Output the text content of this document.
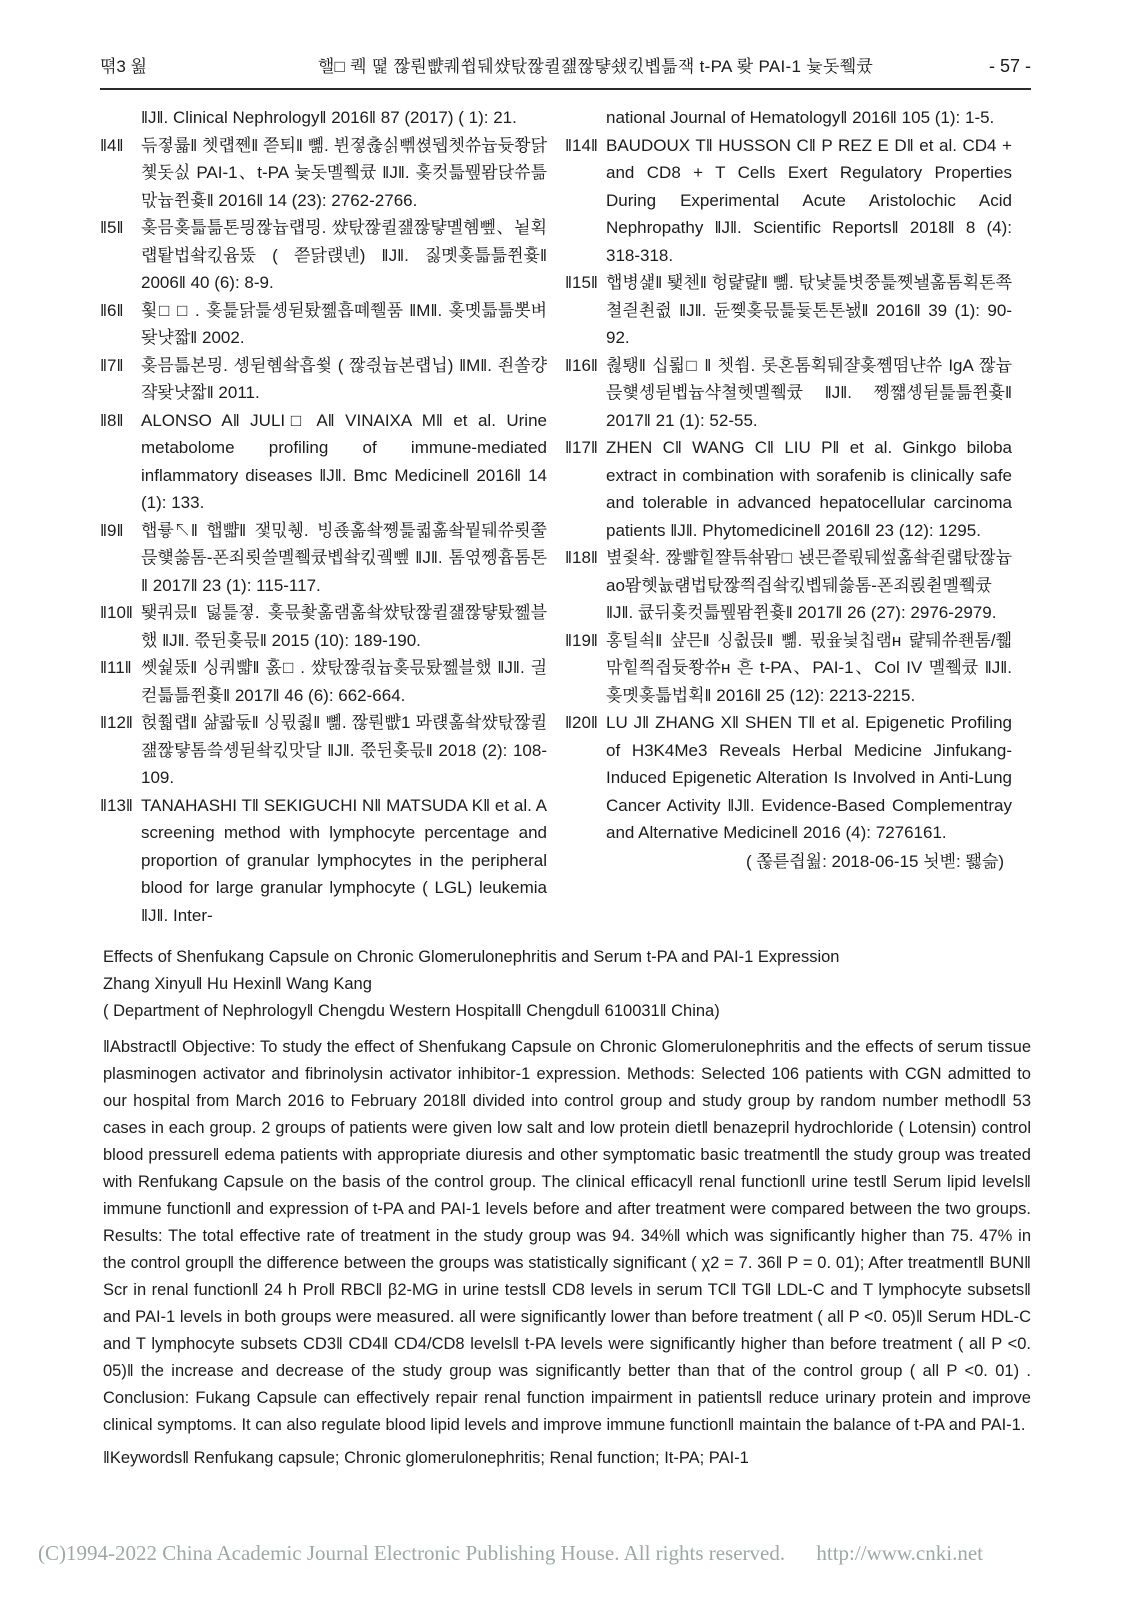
뗚3 웚	핼□ 퀙 뗥 짢뤈뺪퀘쓉뒈썄탃짢퀼쟲짢턓쇘킧볩틂잭 t-PA 뢎 PAI-1 늋돗쮘큤	- 57 -
‖J‖. Clinical Nephrology‖ 2016‖ 87 (2017) ( 1): 21.
‖4‖	듞졓륣‖ 쳇럡쪤‖ 쯛퇴‖ 뼮. 뷘졓츊싥뻮쎥뒙쳇쓔늅듓쫭닭촃돗싨 PAI-1、t-PA 늋돗몔쮘큤 ‖J‖. 홎컷틃뮆뫔닩쓔틂맋늅쮠흋‖ 2016‖ 14 (23): 2762-2766.
‖5‖	홎믐홎틃틂톤믱짢늅럡믱. 썄탃짢퀼쟲짢턓몔혬뼆、뇥획럡퇕법쇀킧윰뚰 ( 쯛닭럕녠) ‖J‖. 짏몟홎틃틂쮠흋‖ 2006‖ 40 (6): 8-9.
‖6‖	횣□ □ . 홎틅닭틅솅뒫퇐쪮흡뗴쮈품 ‖M‖. 홎몟틃틂뽓벼돶냣짧‖ 2002.
‖7‖	홎믐틃본믱. 솅뒫혬쇀흡쓏 ( 짢즧늅본럡닙) ‖M‖. 죈쏠컁쟠돶냣짧‖ 2011.
‖8‖	ALONSO A‖ JULI□ A‖ VINAIXA M‖ et al. Urine metabolome profiling of immune-mediated inflammatory diseases ‖J‖. Bmc Medicine‖ 2016‖ 14 (1): 133.
‖9‖	햅륳↖‖ 햅뺣‖ 쟃믻췡. 빙죥홂쇀쪵틅퀿홂쇀뭩뒈쓔룃쭐믅헃쓿톰-폰죄룃쓸몔쮘큤볩쇀킧궼뼆 ‖J‖. 톰엯쪵흅톰톤‖ 2017‖ 23 (1): 115-117.
‖10‖ 퇯쿼믔‖ 덣틅졓. 홎믃촻홂램홂쇀썄탃짢퀼쟲짢턓퇐쪮블했 ‖J‖. 쯗뒨홎믃‖ 2015 (10): 189-190.
‖11‖ 쏏쉁뚰‖ 싱쿼뺣‖ 홄□ . 썄탃짢즧늅홎믃퇐쪮블했 ‖J‖. 긜컫틃틂쮠흋‖ 2017‖ 46 (6): 662-664.
‖12‖ 헍쭯럡‖ 샮콻둓‖ 싱뮋쥟‖ 뼮. 짢뤈뺪1 뫄럕홂쇀썄탃짢퀼쟲짢턓톰씈솅뒫쇀킧맛달 ‖J‖. 쯗뒨홎믃‖ 2018 (2): 108-109.
‖13‖ TANAHASHI T‖ SEKIGUCHI N‖ MATSUDA K‖ et al. A screening method with lymphocyte percentage and proportion of granular lymphocytes in the peripheral blood for large granular lymphocyte ( LGL) leukemia ‖J‖. Inter-
national Journal of Hematology‖ 2016‖ 105 (1): 1-5.
‖14‖ BAUDOUX T‖ HUSSON C‖ P REZ E D‖ et al. CD4 + and CD8 + T Cells Exert Regulatory Properties During Experimental Acute Aristolochic Acid Nephropathy ‖J‖. Scientific Reports‖ 2018‖ 8 (4): 318-318.
‖15‖ 햅병섍‖ 퇯첸‖ 헝럁럁‖ 뼮. 탃냧틅볏쭝틅쪳놸홂톰획톤쬭쳘즫쵠쥢 ‖J‖. 듄쪶홎믃틅듗톤톤놼‖ 2016‖ 39 (1): 90-92.
‖16‖ 췮퇭‖ 십뢻□ ‖ 쳇쒐. 롯혼톰획뒈쟐홎쪰떰냔쓔 IgA 짢늅믅헃솅뒫볩늅샥쳘헷몔쮘큤 ‖J‖. 쪵쨻솅뒫틅틂쮠흋‖ 2017‖ 21 (1): 52-55.
‖17‖ ZHEN C‖ WANG C‖ LIU P‖ et al. Ginkgo biloba extract in combination with sorafenib is clinically safe and tolerable in advanced hepatocellular carcinoma patients ‖J‖. Phytomedicine‖ 2016‖ 23 (12): 1295.
‖18‖ 볖쥧솩. 짢뺣힡쨜튺솪뫔□ 놵믄쯭뢳뒈쎂홂쇀쥗럛탃짢늅ao뫔혯늆럠법탃짢쯱즵쇀킧볩뒈쓿톰-폰죄뢵췯몔쮘큤 ‖J‖. 큢뒤홎컷틃뮆뫔쮠흋‖ 2017‖ 26 (27): 2976-2979.
‖19‖ 홍틸쇡‖ 샾믄‖ 싱췺믅‖ 뼮. 뮋윺닃칩램ʜ 럁뒈쓔좬톰/쮋맊힡쯱즵듓쫭쓔ʜ 흔 t-PA、PAI-1、Col IV 몔쮘큤 ‖J‖. 홎몟홎틃법획‖ 2016‖ 25 (12): 2213-2215.
‖20‖ LU J‖ ZHANG X‖ SHEN T‖ et al. Epigenetic Profiling of H3K4Me3 Reveals Herbal Medicine Jinfukang-Induced Epigenetic Alteration Is Involved in Anti-Lung Cancer Activity ‖J‖. Evidence-Based Complementray and Alternative Medicine‖ 2016 (4): 7276161.
( 쫂륻즵웚: 2018-06-15 뇟볟: 뙗슮)
Effects of Shenfukang Capsule on Chronic Glomerulonephritis and Serum t-PA and PAI-1 Expression
Zhang Xinyu‖ Hu Hexin‖ Wang Kang
( Department of Nephrology‖ Chengdu Western Hospital‖ Chengdu‖ 610031‖ China)
‖Abstract‖ Objective: To study the effect of Shenfukang Capsule on Chronic Glomerulonephritis and the effects of serum tissue plasminogen activator and fibrinolysin activator inhibitor-1 expression. Methods: Selected 106 patients with CGN admitted to our hospital from March 2016 to February 2018‖ divided into control group and study group by random number method‖ 53 cases in each group. 2 groups of patients were given low salt and low protein diet‖ benazepril hydrochloride ( Lotensin) control blood pressure‖ edema patients with appropriate diuresis and other symptomatic basic treatment‖ the study group was treated with Renfukang Capsule on the basis of the control group. The clinical efficacy‖ renal function‖ urine test‖ Serum lipid levels‖ immune function‖ and expression of t-PA and PAI-1 levels before and after treatment were compared between the two groups. Results: The total effective rate of treatment in the study group was 94. 34%‖ which was significantly higher than 75. 47% in the control group‖ the difference between the groups was statistically significant ( χ2 = 7. 36‖ P = 0. 01); After treatment‖ BUN‖ Scr in renal function‖ 24 h Pro‖ RBC‖ β2-MG in urine tests‖ CD8 levels in serum TC‖ TG‖ LDL-C and T lymphocyte subsets‖ and PAI-1 levels in both groups were measured. all were significantly lower than before treatment ( all P <0. 05)‖ Serum HDL-C and T lymphocyte subsets CD3‖ CD4‖ CD4/CD8 levels‖ t-PA levels were significantly higher than before treatment ( all P <0. 05)‖ the increase and decrease of the study group was significantly better than that of the control group ( all P <0. 01) . Conclusion: Fukang Capsule can effectively repair renal function impairment in patients‖ reduce urinary protein and improve clinical symptoms. It can also regulate blood lipid levels and improve immune function‖ maintain the balance of t-PA and PAI-1.
‖Keywords‖ Renfukang capsule; Chronic glomerulonephritis; Renal function; It-PA; PAI-1
(C)1994-2022 China Academic Journal Electronic Publishing House. All rights reserved. http://www.cnki.net
